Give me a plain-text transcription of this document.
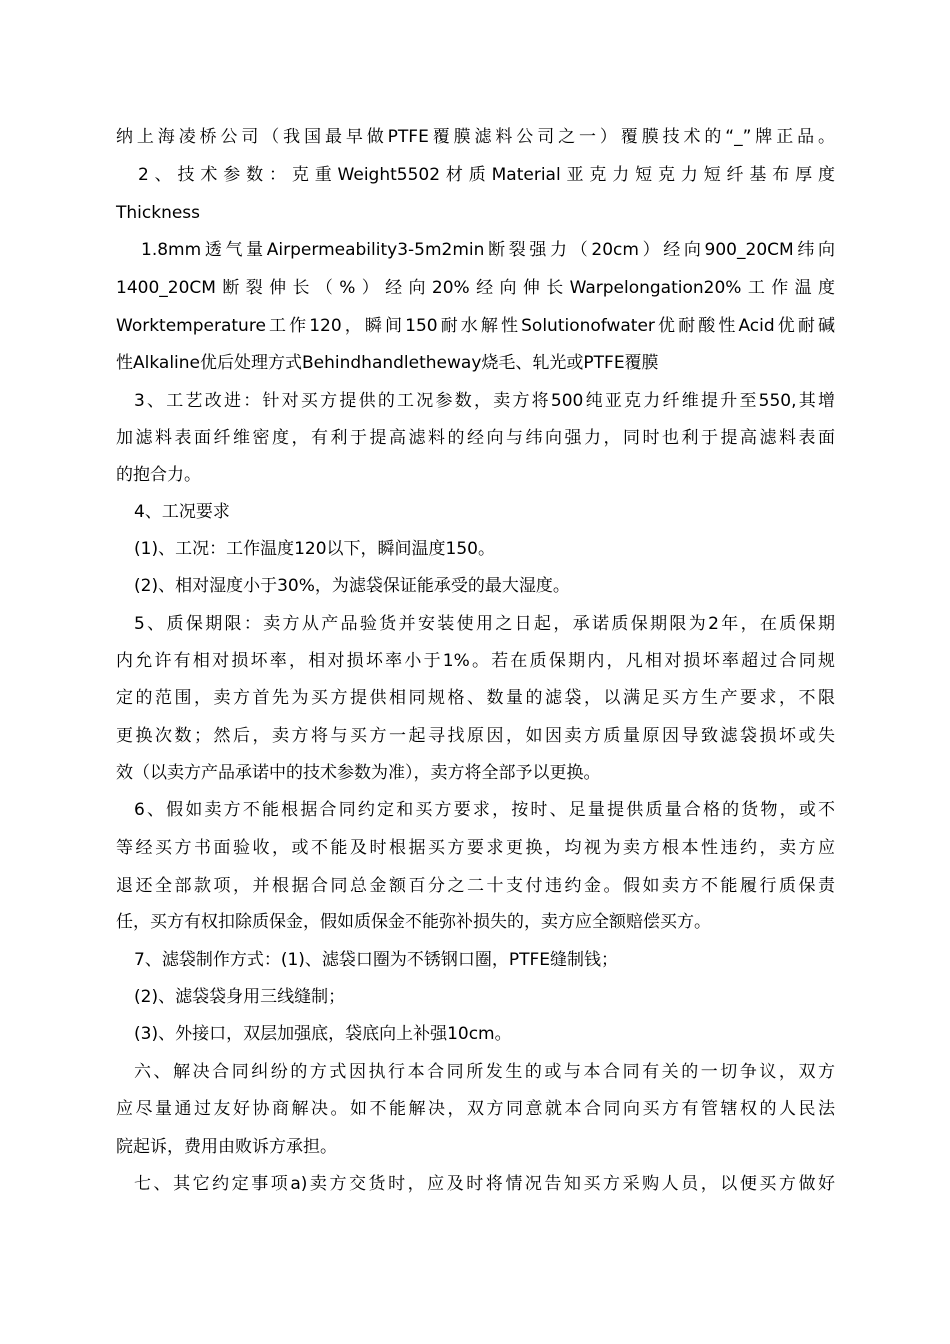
纳上海凌桥公司（我国最早做PTFE覆膜滤料公司之一）覆膜技术的“_”牌正品。
2、技术参数：克重Weight5502材质Material亚克力短克力短纤基布厚度
Thickness
1.8mm透气量Airpermeability3-5m2min断裂强力（20cm）经向900_20CM纬向
1400_20CM断裂伸长（%）经向20%经向伸长Warpelongation20%工作温度
Worktemperature工作120，瞬间150耐水解性Solutionofwater优耐酸性Acid优耐碱
性Alkaline优后处理方式Behindhandletheway烧毛、轧光或PTFE覆膜
3、工艺改进：针对买方提供的工况参数，卖方将500纯亚克力纤维提升至550,其增
加滤料表面纤维密度，有利于提高滤料的经向与纬向强力，同时也利于提高滤料表面
的抱合力。
4、工况要求
(1)、工况：工作温度120以下，瞬间温度150。
(2)、相对湿度小于30%，为滤袋保证能承受的最大湿度。
5、质保期限：卖方从产品验货并安装使用之日起，承诺质保期限为2年，在质保期
内允许有相对损坏率，相对损坏率小于1%。若在质保期内，凡相对损坏率超过合同规
定的范围，卖方首先为买方提供相同规格、数量的滤袋，以满足买方生产要求，不限
更换次数；然后，卖方将与买方一起寻找原因，如因卖方质量原因导致滤袋损坏或失
效（以卖方产品承诺中的技术参数为准），卖方将全部予以更换。
6、假如卖方不能根据合同约定和买方要求，按时、足量提供质量合格的货物，或不
等经买方书面验收，或不能及时根据买方要求更换，均视为卖方根本性违约，卖方应
退还全部款项，并根据合同总金额百分之二十支付违约金。假如卖方不能履行质保责
任，买方有权扣除质保金，假如质保金不能弥补损失的，卖方应全额赔偿买方。
7、滤袋制作方式：(1)、滤袋口圈为不锈钢口圈，PTFE缝制钱；
(2)、滤袋袋身用三线缝制；
(3)、外接口，双层加强底，袋底向上补强10cm。
六、解决合同纠纷的方式因执行本合同所发生的或与本合同有关的一切争议，双方
应尽量通过友好协商解决。如不能解决，双方同意就本合同向买方有管辖权的人民法
院起诉，费用由败诉方承担。
七、其它约定事项a)卖方交货时，应及时将情况告知买方采购人员，以便买方做好
